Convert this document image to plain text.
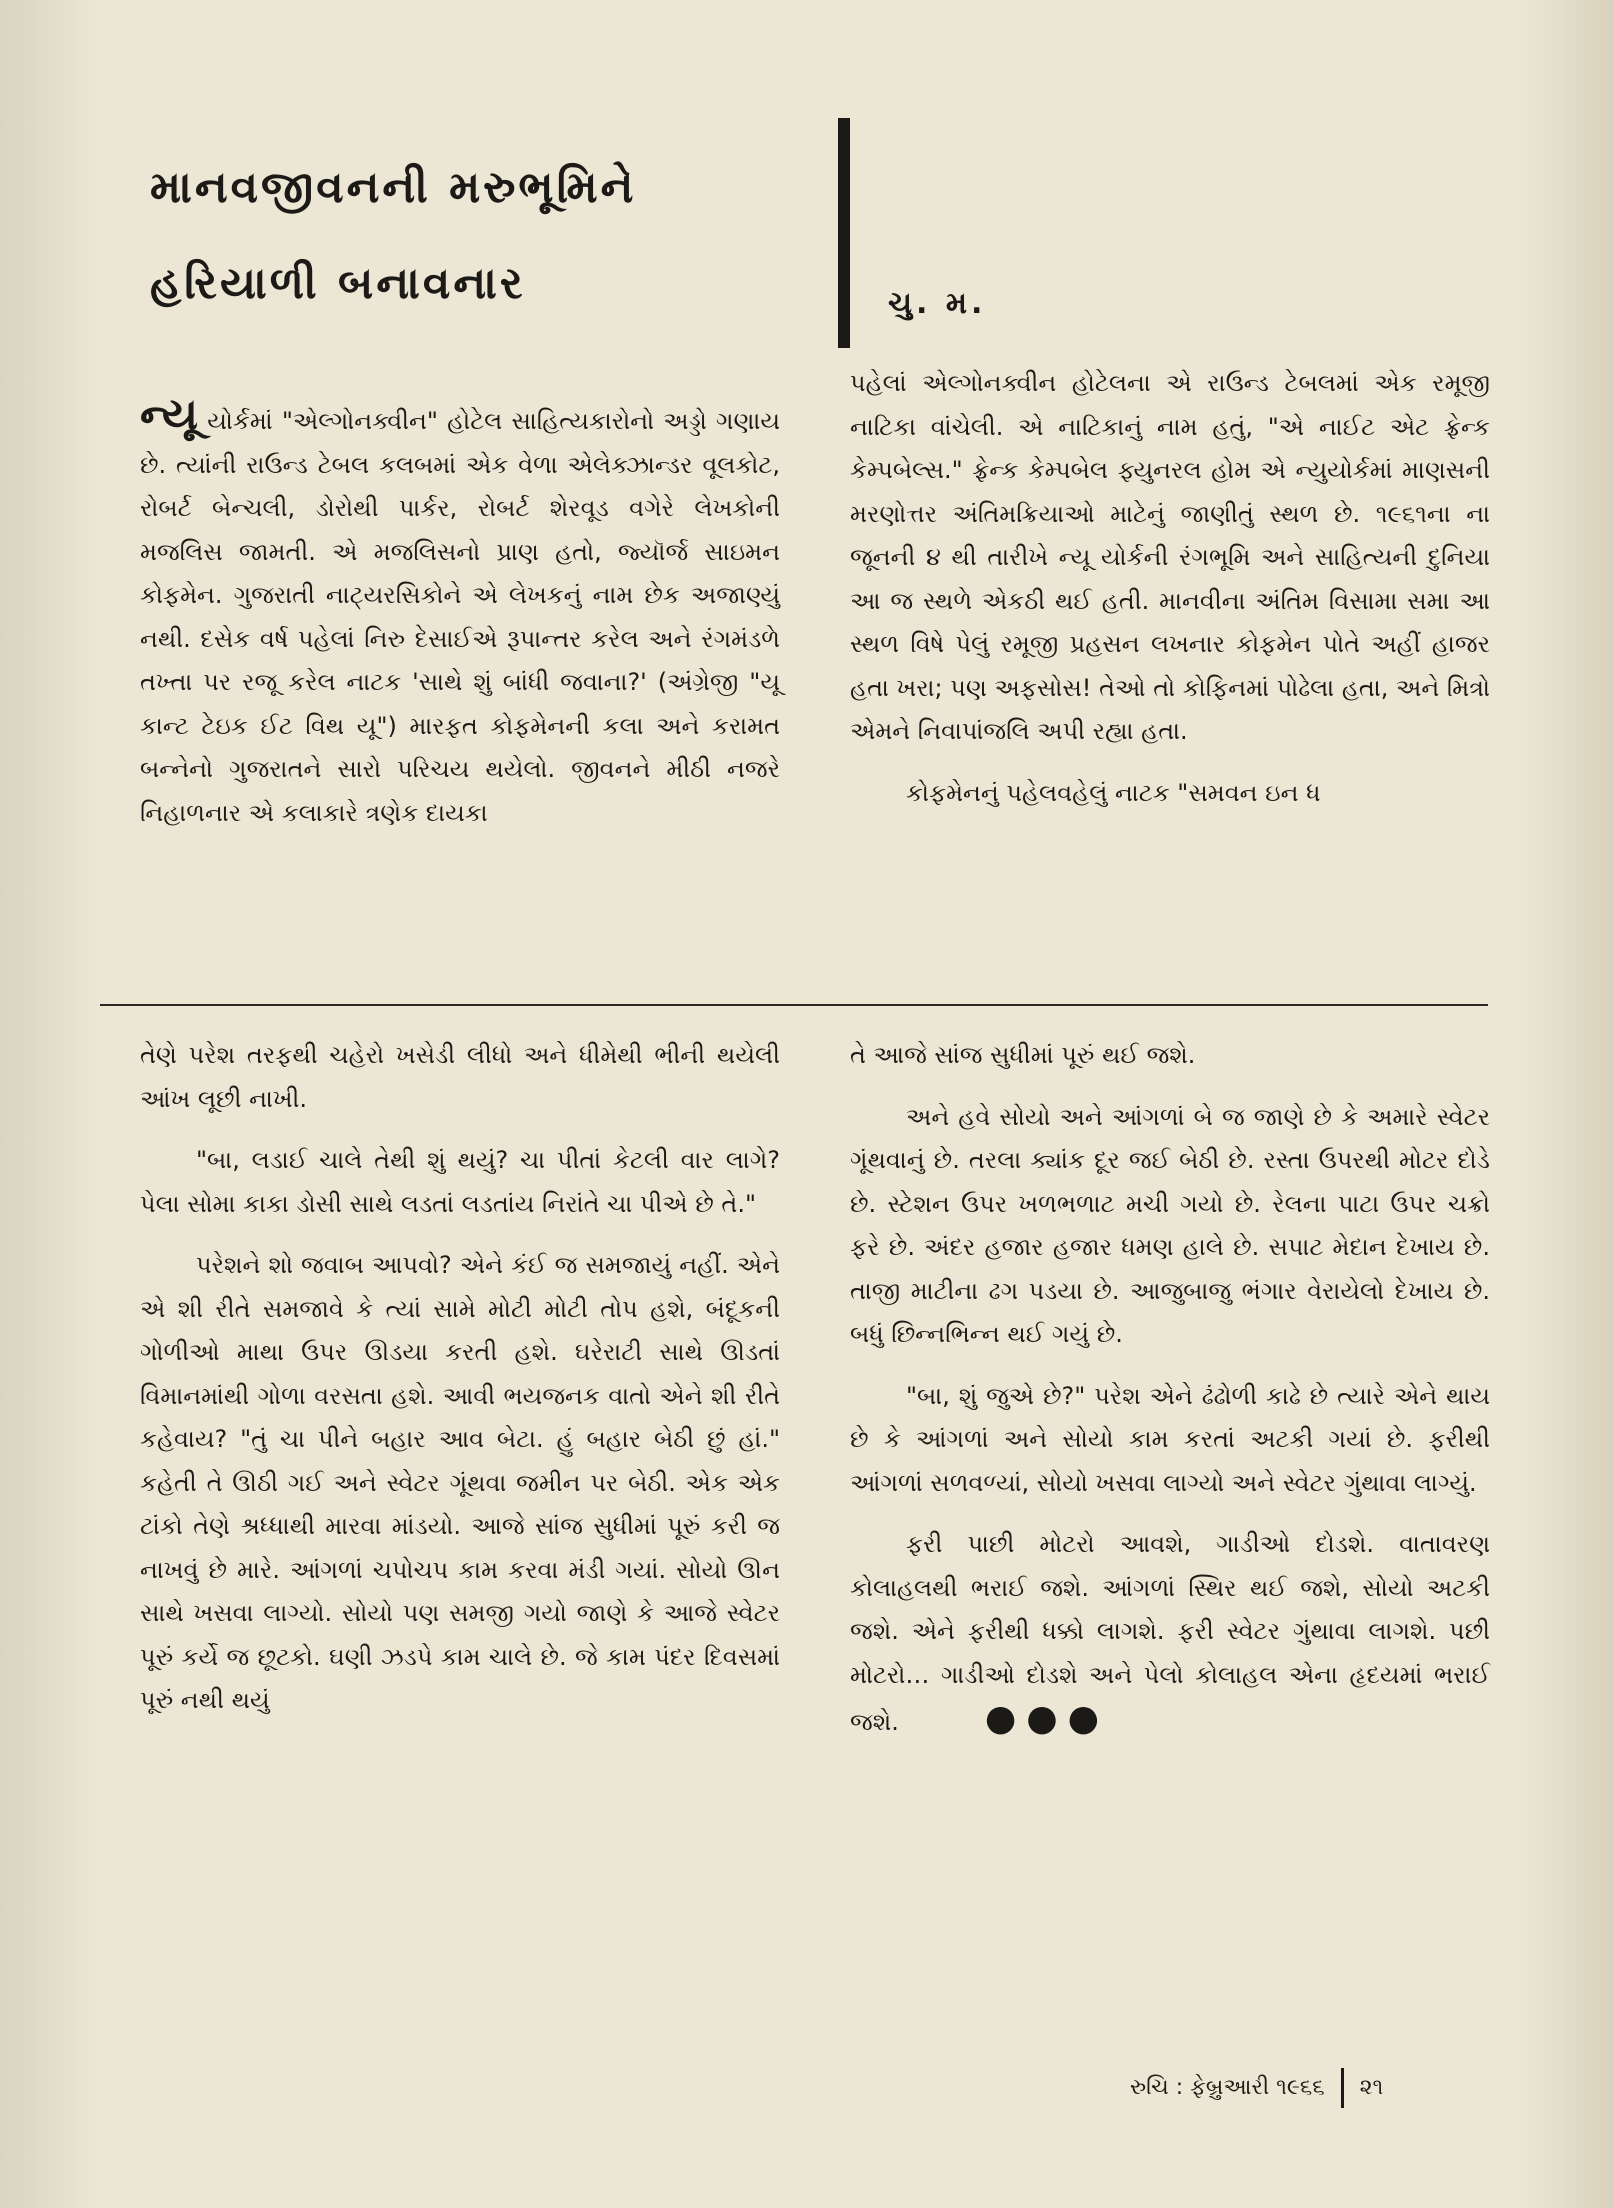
માનવજીવનની મરુભૂમિને
હરિયાળી બનાવનાર	ચુ. મ.

ન્યૂ યોર્કમાં "એલ્ગોનક્વીન" હોટેલ સાહિત્યકારોનો અડ્ડો ગણાય છે. ત્યાંની રાઉન્ડ ટેબલ કલબમાં એક વેળા એલેક્ઝાન્ડર વૂલકોટ, રોબર્ટ બેન્ચલી, ડોરોથી પાર્કર, રોબર્ટ શેરવૂડ વગેરે લેખકોની મજલિસ જામતી. એ મજલિસનો પ્રાણ હતો, જ્યૉર્જ સાઇમન કોફમેન. ગુજરાતી નાટ્યરસિકોને એ લેખકનું નામ છેક અજાણ્યું નથી. દસેક વર્ષ પહેલાં નિરુ દેસાઈએ રૂપાન્તર કરેલ અને રંગમંડળે તખ્તા પર રજૂ કરેલ નાટક 'સાથે શું બાંધી જવાના?' (અંગ્રેજી "યૂ કાન્ટ ટેઇક ઈટ વિથ યૂ") મારફત કોફમેનની કલા અને કરામત બન્નેનો ગુજરાતને સારો પરિચય થયેલો. જીવનને મીઠી નજરે નિહાળનાર એ કલાકારે ત્રણેક દાયકા

પહેલાં એલ્ગોનક્વીન હોટેલના એ રાઉન્ડ ટેબલમાં એક રમૂજી નાટિકા વાંચેલી. એ નાટિકાનું નામ હતું, "એ નાઈટ એટ ફ્રેન્ક કેમ્પબેલ્સ." ફ્રેન્ક કેમ્પબેલ ફ્યુનરલ હોમ એ ન્યુયોર્કમાં માણસની મરણોત્તર અંતિમક્રિયાઓ માટેનું જાણીતું સ્થળ છે. ૧૯૬૧ના ના જૂનની ૪ થી તારીખે ન્યૂ યોર્કની રંગભૂમિ અને સાહિત્યની દુનિયા આ જ સ્થળે એકઠી થઈ હતી. માનવીના અંતિમ વિસામા સમા આ સ્થળ વિષે પેલું રમૂજી પ્રહસન લખનાર કોફમેન પોતે અહીં હાજર હતા ખરા; પણ અફસોસ! તેઓ તો કોફિનમાં પોઢેલા હતા, અને મિત્રો એમને નિવાપાંજલિ અપી રહ્યા હતા.

કોફમેનનું પહેલવહેલું નાટક "સમવન ઇન ધ

તેણે પરેશ તરફથી ચહેરો ખસેડી લીધો અને ધીમેથી ભીની થયેલી આંખ લૂછી નાખી.

"બા, લડાઈ ચાલે તેથી શું થયું? ચા પીતાં કેટલી વાર લાગે? પેલા સોમા કાકા ડોસી સાથે લડતાં લડતાંય નિરાંતે ચા પીએ છે તે."

પરેશને શો જવાબ આપવો? એને કંઈ જ સમજાયું નહીં. એને એ શી રીતે સમજાવે કે ત્યાં સામે મોટી મોટી તોપ હશે, બંદૂકની ગોળીઓ માથા ઉપર ઊડયા કરતી હશે. ઘરેરાટી સાથે ઊડતાં વિમાનમાંથી ગોળા વરસતા હશે. આવી ભયજનક વાતો એને શી રીતે કહેવાય? "તું ચા પીને બહાર આવ બેટા. હું બહાર બેઠી છું હાં." કહેતી તે ઊઠી ગઈ અને સ્વેટર ગૂંથવા જમીન પર બેઠી. એક એક ટાંકો તેણે શ્રધ્ધાથી મારવા માંડયો. આજે સાંજ સુધીમાં પૂરું કરી જ નાખવું છે મારે. આંગળાં ચપોચપ કામ કરવા મંડી ગયાં. સોયો ઊન સાથે ખસવા લાગ્યો. સોયો પણ સમજી ગયો જાણે કે આજે સ્વેટર પૂરું કર્યે જ છૂટકો. ઘણી ઝડપે કામ ચાલે છે. જે કામ પંદર દિવસમાં પૂરું નથી થયું

તે આજે સાંજ સુધીમાં પૂરું થઈ જશે.

અને હવે સોયો અને આંગળાં બે જ જાણે છે કે અમારે સ્વેટર ગૂંથવાનું છે. તરલા ક્યાંક દૂર જઈ બેઠી છે. રસ્તા ઉપરથી મોટર દોડે છે. સ્ટેશન ઉપર ખળભળાટ મચી ગયો છે. રેલના પાટા ઉપર ચક્રો ફરે છે. અંદર હજાર હજાર ધમણ હાલે છે. સપાટ મેદાન દેખાય છે. તાજી માટીના ઢગ પડયા છે. આજુબાજુ ભંગાર વેરાયેલો દેખાય છે. બધું છિન્નભિન્ન થઈ ગયું છે.

"બા, શું જુએ છે?" પરેશ એને ઢંઢોળી કાઢે છે ત્યારે એને થાય છે કે આંગળાં અને સોયો કામ કરતાં અટકી ગયાં છે. ફરીથી આંગળાં સળવળ્યાં, સોયો ખસવા લાગ્યો અને સ્વેટર ગુંથાવા લાગ્યું.

ફરી પાછી મોટરો આવશે, ગાડીઓ દોડશે. વાતાવરણ કોલાહલથી ભરાઈ જશે. આંગળાં સ્થિર થઈ જશે, સોયો અટકી જશે. એને ફરીથી ધક્કો લાગશે. ફરી સ્વેટર ગુંથાવા લાગશે. પછી મોટરો… ગાડીઓ દોડશે અને પેલો કોલાહલ એના હૃદયમાં ભરાઈ જશે. ●●●

રુચિ : ફેબ્રુઆરી ૧૯૬૬ ૨૧
